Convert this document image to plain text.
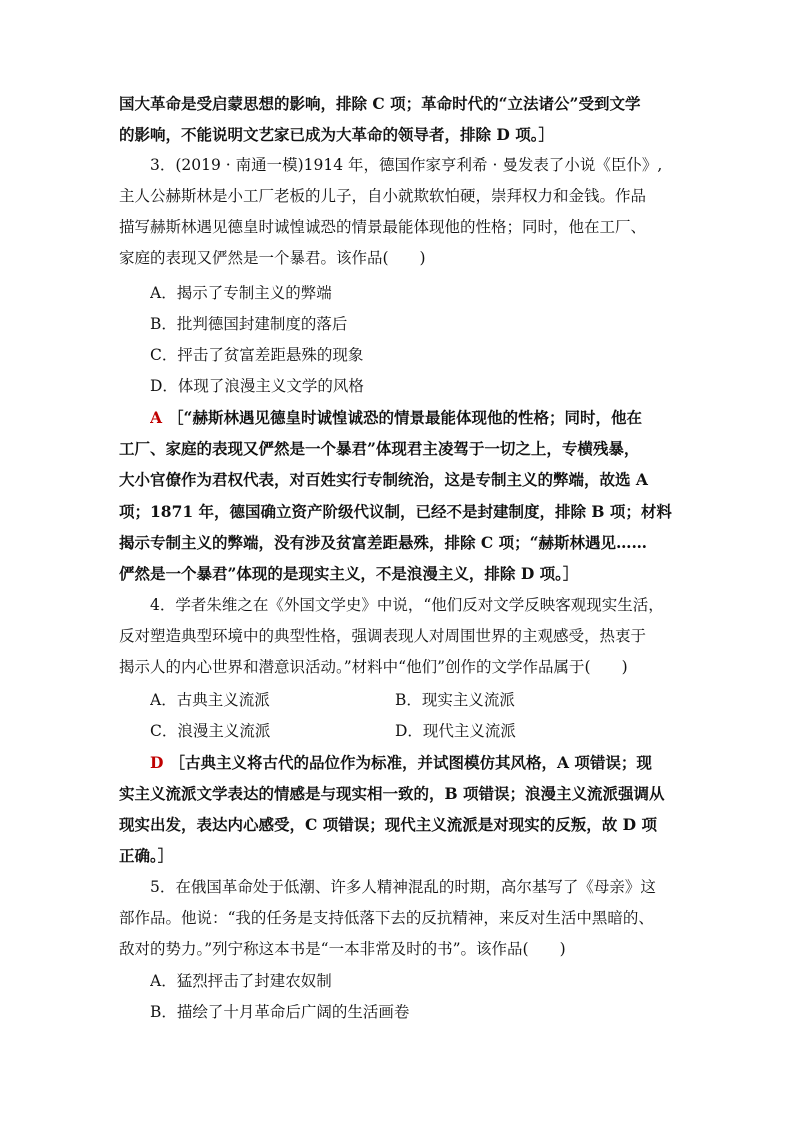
国大革命是受启蒙思想的影响，排除 C 项；革命时代的“立法诸公”受到文学
的影响，不能说明文艺家已成为大革命的领导者，排除 D 项。］
3．(2019 · 南通一模)1914 年，德国作家亨利希 · 曼发表了小说《臣仆》,
主人公赫斯林是小工厂老板的儿子，自小就欺软怕硬，崇拜权力和金钱。作品
描写赫斯林遇见德皇时诚惶诚恐的情景最能体现他的性格；同时，他在工厂、
家庭的表现又俨然是一个暴君。该作品(　　)
A．揭示了专制主义的弊端
B．批判德国封建制度的落后
C．抨击了贫富差距悬殊的现象
D．体现了浪漫主义文学的风格
A ［“赫斯林遇见德皇时诚惶诚恐的情景最能体现他的性格；同时，他在
工厂、家庭的表现又俨然是一个暴君”体现君主凌驾于一切之上，专横残暴，
大小官僚作为君权代表，对百姓实行专制统治，这是专制主义的弊端，故选 A
项；1871 年，德国确立资产阶级代议制，已经不是封建制度，排除 B 项；材料
揭示专制主义的弊端，没有涉及贫富差距悬殊，排除 C 项；“赫斯林遇见……
俨然是一个暴君”体现的是现实主义，不是浪漫主义，排除 D 项。］
4．学者朱维之在《外国文学史》中说，“他们反对文学反映客观现实生活，
反对塑造典型环境中的典型性格，强调表现人对周围世界的主观感受，热衷于
揭示人的内心世界和潜意识活动。”材料中“他们”创作的文学作品属于(　　)
A．古典主义流派	B．现实主义流派
C．浪漫主义流派	D．现代主义流派
D ［古典主义将古代的品位作为标准，并试图模仿其风格，A 项错误；现
实主义流派文学表达的情感是与现实相一致的，B 项错误；浪漫主义流派强调从
现实出发，表达内心感受，C 项错误；现代主义流派是对现实的反叛，故 D 项
正确。］
5．在俄国革命处于低潮、许多人精神混乱的时期，高尔基写了《母亲》这
部作品。他说：“我的任务是支持低落下去的反抗精神，来反对生活中黑暗的、
敌对的势力。”列宁称这本书是“一本非常及时的书”。该作品(　　)
A．猛烈抨击了封建农奴制
B．描绘了十月革命后广阔的生活画卷
